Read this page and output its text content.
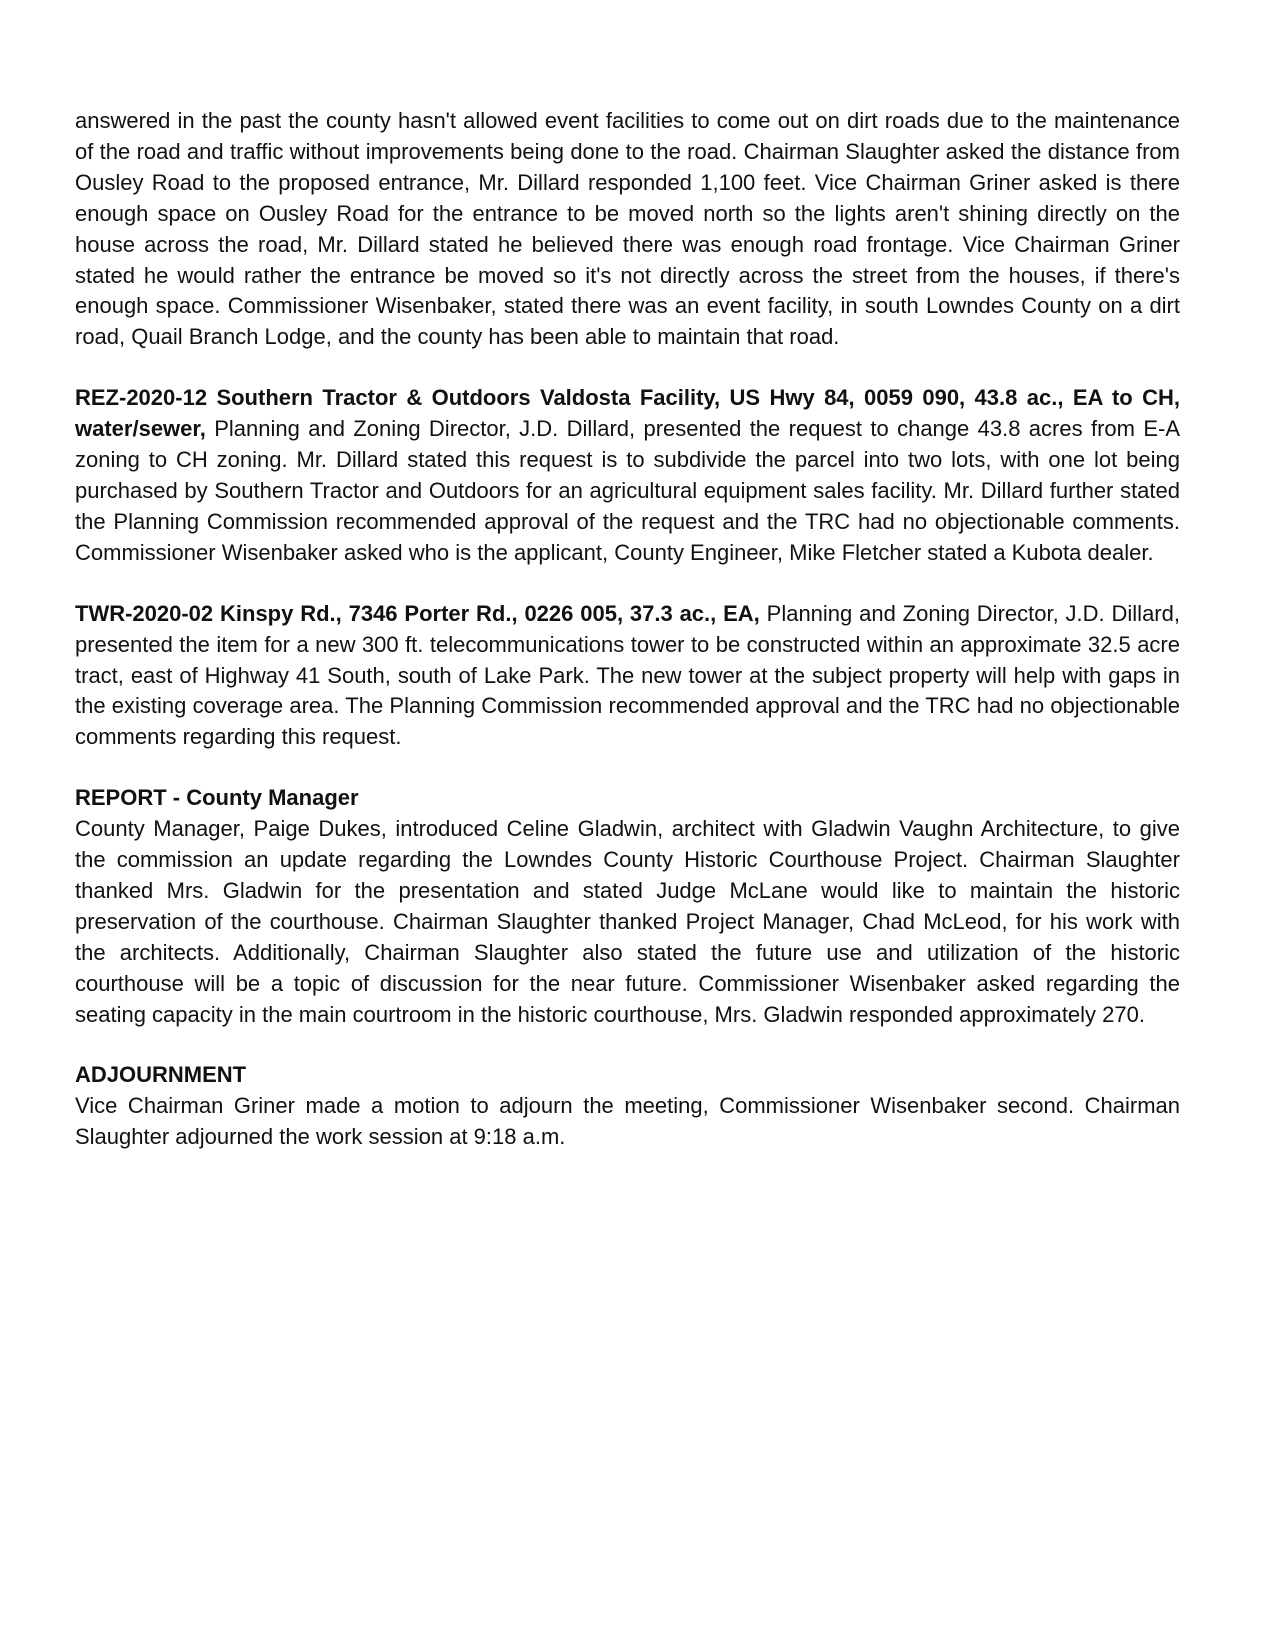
answered in the past the county hasn't allowed event facilities to come out on dirt roads due to the maintenance of the road and traffic without improvements being done to the road. Chairman Slaughter asked the distance from Ousley Road to the proposed entrance, Mr. Dillard responded 1,100 feet. Vice Chairman Griner asked is there enough space on Ousley Road for the entrance to be moved north so the lights aren't shining directly on the house across the road, Mr. Dillard stated he believed there was enough road frontage. Vice Chairman Griner stated he would rather the entrance be moved so it's not directly across the street from the houses, if there's enough space. Commissioner Wisenbaker, stated there was an event facility, in south Lowndes County on a dirt road, Quail Branch Lodge, and the county has been able to maintain that road.

REZ-2020-12 Southern Tractor & Outdoors Valdosta Facility, US Hwy 84, 0059 090, 43.8 ac., EA to CH, water/sewer, Planning and Zoning Director, J.D. Dillard, presented the request to change 43.8 acres from E-A zoning to CH zoning. Mr. Dillard stated this request is to subdivide the parcel into two lots, with one lot being purchased by Southern Tractor and Outdoors for an agricultural equipment sales facility. Mr. Dillard further stated the Planning Commission recommended approval of the request and the TRC had no objectionable comments. Commissioner Wisenbaker asked who is the applicant, County Engineer, Mike Fletcher stated a Kubota dealer.

TWR-2020-02 Kinspy Rd., 7346 Porter Rd., 0226 005, 37.3 ac., EA, Planning and Zoning Director, J.D. Dillard, presented the item for a new 300 ft. telecommunications tower to be constructed within an approximate 32.5 acre tract, east of Highway 41 South, south of Lake Park. The new tower at the subject property will help with gaps in the existing coverage area. The Planning Commission recommended approval and the TRC had no objectionable comments regarding this request.

REPORT - County Manager
County Manager, Paige Dukes, introduced Celine Gladwin, architect with Gladwin Vaughn Architecture, to give the commission an update regarding the Lowndes County Historic Courthouse Project. Chairman Slaughter thanked Mrs. Gladwin for the presentation and stated Judge McLane would like to maintain the historic preservation of the courthouse. Chairman Slaughter thanked Project Manager, Chad McLeod, for his work with the architects. Additionally, Chairman Slaughter also stated the future use and utilization of the historic courthouse will be a topic of discussion for the near future. Commissioner Wisenbaker asked regarding the seating capacity in the main courtroom in the historic courthouse, Mrs. Gladwin responded approximately 270.
ADJOURNMENT
Vice Chairman Griner made a motion to adjourn the meeting, Commissioner Wisenbaker second. Chairman Slaughter adjourned the work session at 9:18 a.m.
